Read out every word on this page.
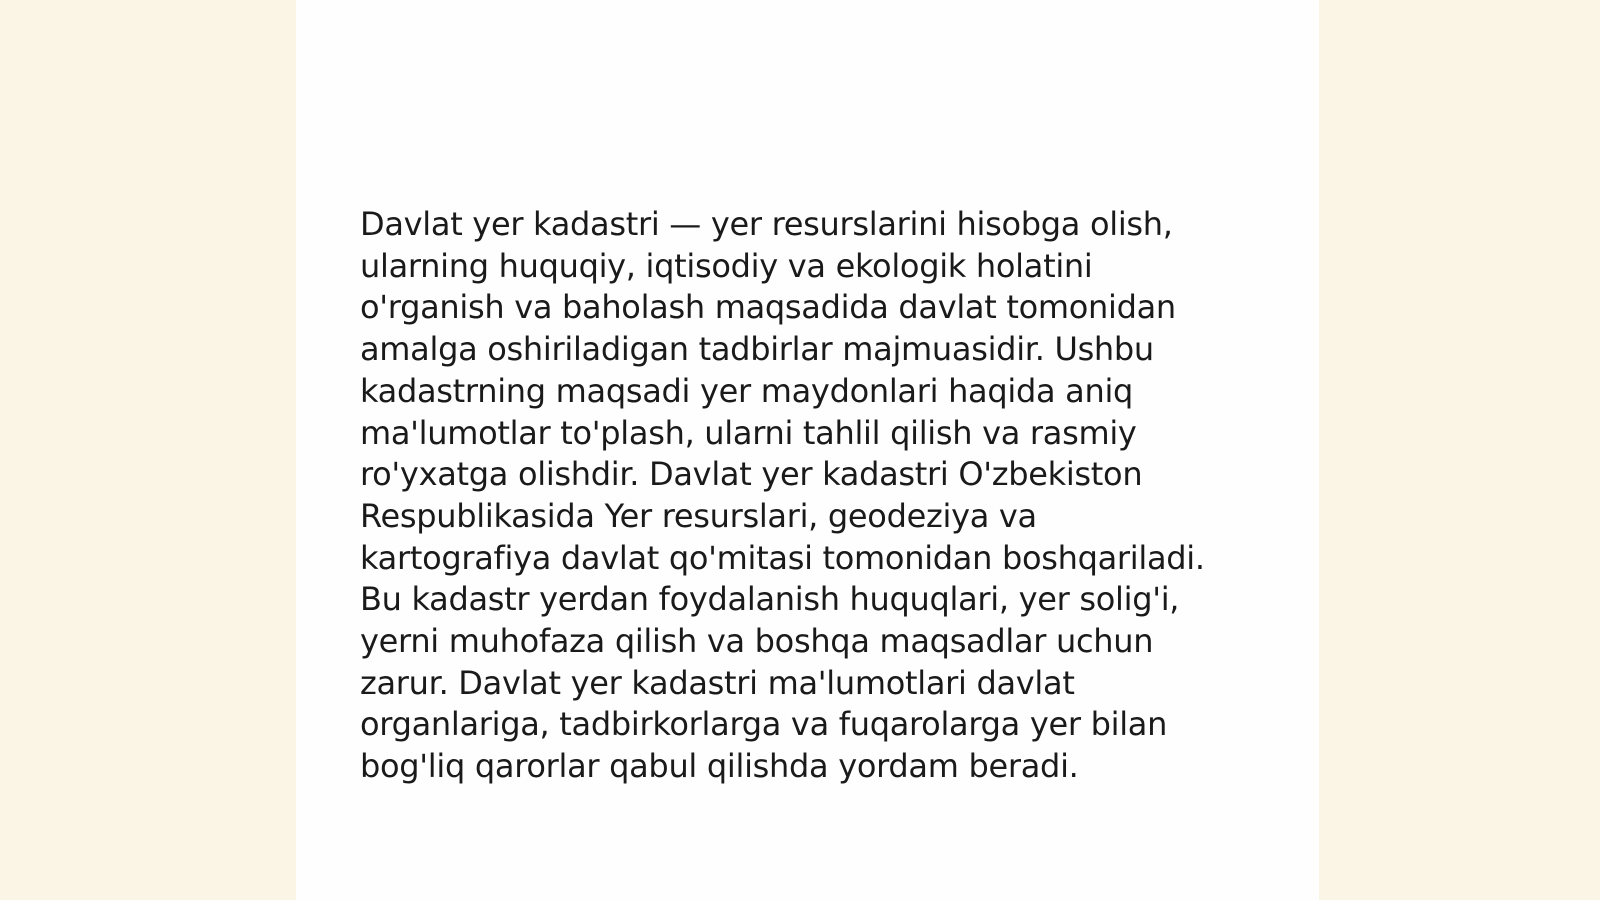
Davlat yer kadastri — yer resurslarini hisobga olish,
ularning huquqiy, iqtisodiy va ekologik holatini
o'rganish va baholash maqsadida davlat tomonidan
amalga oshiriladigan tadbirlar majmuasidir. Ushbu
kadastrning maqsadi yer maydonlari haqida aniq
ma'lumotlar to'plash, ularni tahlil qilish va rasmiy
ro'yxatga olishdir. Davlat yer kadastri O'zbekiston
Respublikasida Yer resurslari, geodeziya va
kartografiya davlat qo'mitasi tomonidan boshqariladi.
Bu kadastr yerdan foydalanish huquqlari, yer solig'i,
yerni muhofaza qilish va boshqa maqsadlar uchun
zarur. Davlat yer kadastri ma'lumotlari davlat
organlariga, tadbirkorlarga va fuqarolarga yer bilan
bog'liq qarorlar qabul qilishda yordam beradi.
